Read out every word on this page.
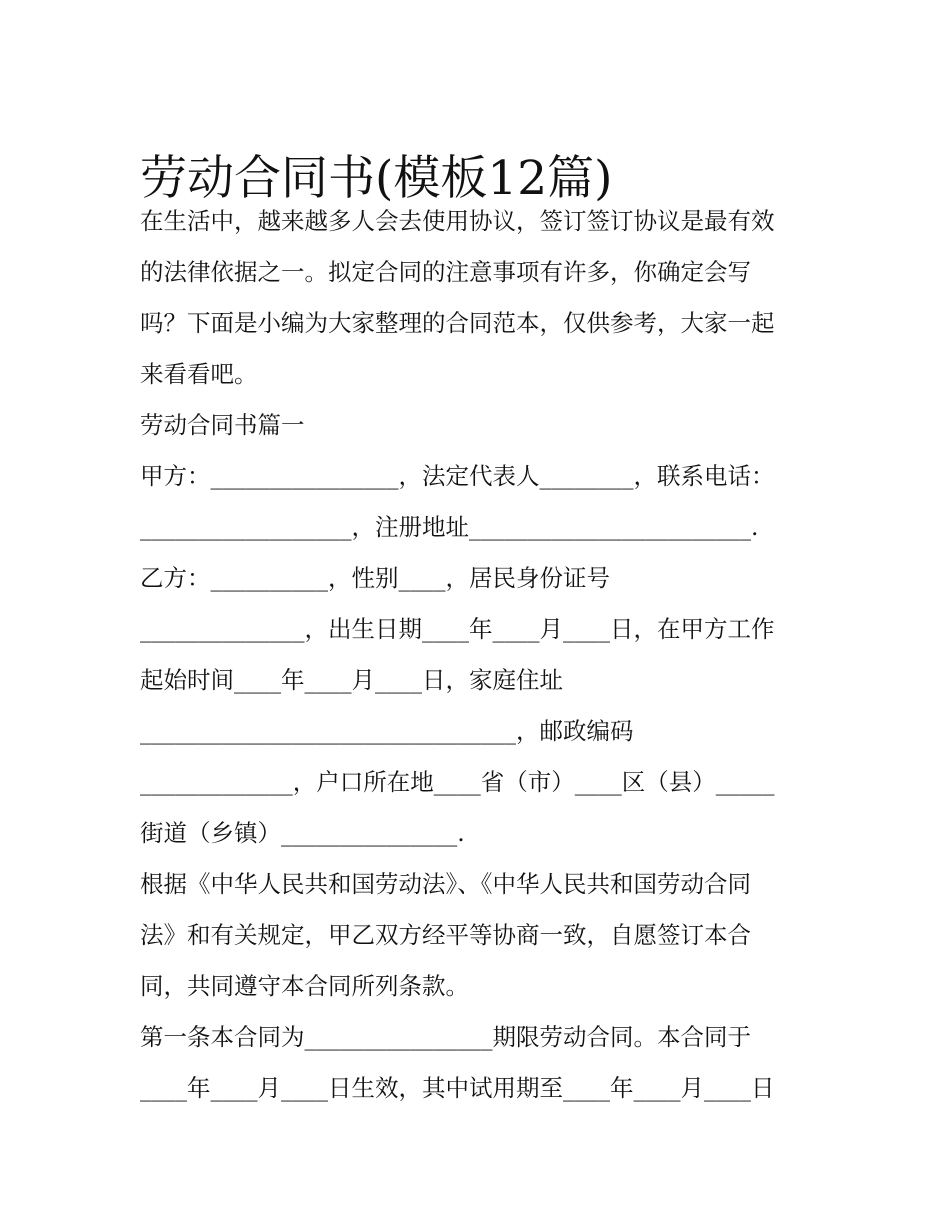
劳动合同书(模板12篇)
在生活中，越来越多人会去使用协议，签订签订协议是最有效
的法律依据之一。拟定合同的注意事项有许多，你确定会写
吗？下面是小编为大家整理的合同范本，仅供参考，大家一起
来看看吧。
劳动合同书篇一
甲方：________________，法定代表人________，联系电话：
__________________，注册地址________________________.
乙方：__________，性别____，居民身份证号
______________，出生日期____年____月____日，在甲方工作
起始时间____年____月____日，家庭住址
________________________________，邮政编码
_____________，户口所在地____省（市）____区（县）_____
街道（乡镇）_______________.
根据《中华人民共和国劳动法》、《中华人民共和国劳动合同
法》和有关规定，甲乙双方经平等协商一致，自愿签订本合
同，共同遵守本合同所列条款。
第一条本合同为________________期限劳动合同。本合同于
____年____月____日生效，其中试用期至____年____月____日
